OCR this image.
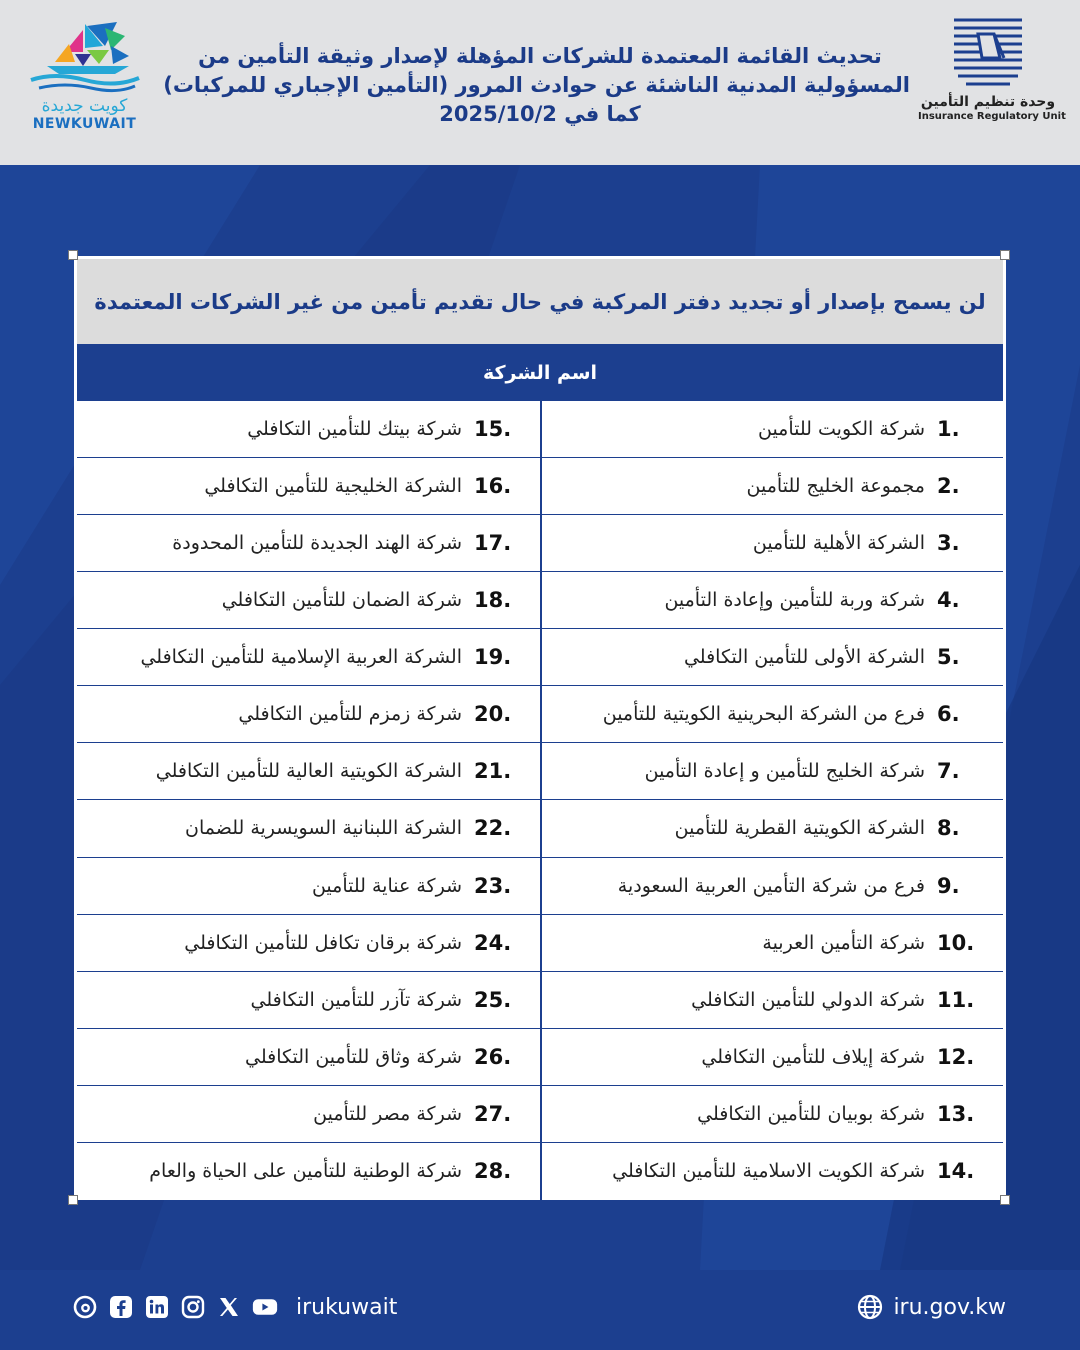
كويت جديدة
NEWKUWAIT
تحديث القائمة المعتمدة للشركات المؤهلة لإصدار وثيقة التأمين من
المسؤولية المدنية الناشئة عن حوادث المرور (التأمين الإجباري للمركبات)
كما في 2025/10/2	وحدة تنظيم التأمين
Insurance Regulatory Unit
لن يسمح بإصدار أو تجديد دفتر المركبة في حال تقديم تأمين من غير الشركات المعتمدة
اسم الشركة
1.
شركة الكويت للتأمين
2.
مجموعة الخليج للتأمين
3.
الشركة الأهلية للتأمين
4.
شركة وربة للتأمين وإعادة التأمين
5.
الشركة الأولى للتأمين التكافلي
6.
فرع من الشركة البحرينية الكويتية للتأمين
7.
شركة الخليج للتأمين و إعادة التأمين
8.
الشركة الكويتية القطرية للتأمين
9.
فرع من شركة التأمين العربية السعودية
10.
شركة التأمين العربية
11.
شركة الدولي للتأمين التكافلي
12.
شركة إيلاف للتأمين التكافلي
13.
شركة بوبيان للتأمين التكافلي
14.
شركة الكويت الاسلامية للتأمين التكافلي
15.
شركة بيتك للتأمين التكافلي
16.
الشركة الخليجية للتأمين التكافلي
17.
شركة الهند الجديدة للتأمين المحدودة
18.
شركة الضمان للتأمين التكافلي
19.
الشركة العربية الإسلامية للتأمين التكافلي
20.
شركة زمزم للتأمين التكافلي
21.
الشركة الكويتية العالية للتأمين التكافلي
22.
الشركة اللبنانية السويسرية للضمان
23.
شركة عناية للتأمين
24.
شركة برقان تكافل للتأمين التكافلي
25.
شركة تآزر للتأمين التكافلي
26.
شركة وثاق للتأمين التكافلي
27.
شركة مصر للتأمين
28.
شركة الوطنية للتأمين على الحياة والعام
irukuwait	iru.gov.kw
